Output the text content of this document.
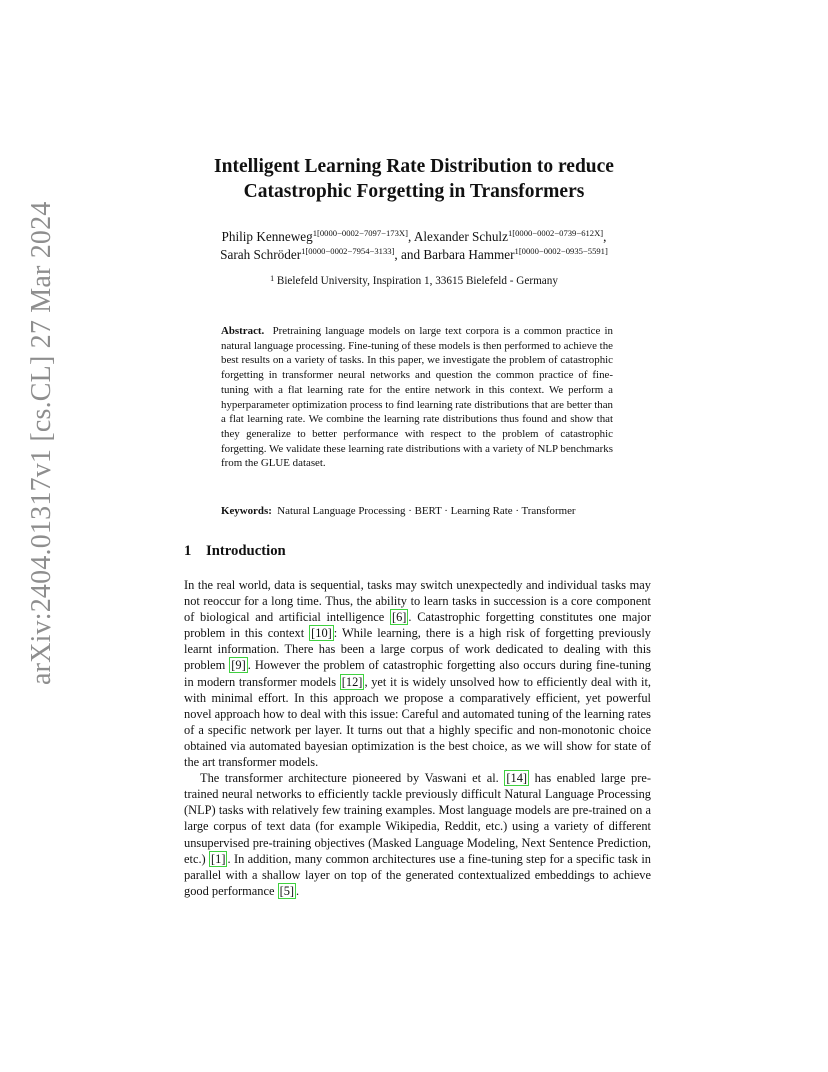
arXiv:2404.01317v1 [cs.CL] 27 Mar 2024
Intelligent Learning Rate Distribution to reduce
Catastrophic Forgetting in Transformers
Philip Kenneweg$^{1[0000-0002-7097-173X]}$, Alexander Schulz$^{1[0000-0002-0739-612X]}$,
Sarah Schröder$^{1[0000-0002-7954-3133]}$, and Barbara Hammer$^{1[0000-0002-0935-5591]}$
$^1$ Bielefeld University, Inspiration 1, 33615 Bielefeld - Germany

Abstract. Pretraining language models on large text corpora is a common practice in natural language processing. Fine-tuning of these models is then performed to achieve the best results on a variety of tasks. In this paper, we investigate the problem of catastrophic forgetting in transformer neural networks and question the common practice of fine-tuning with a flat learning rate for the entire network in this context. We perform a hyperparameter optimization process to find learning rate distributions that are better than a flat learning rate. We combine the learning rate distributions thus found and show that they generalize to better performance with respect to the problem of catastrophic forgetting. We validate these learning rate distributions with a variety of NLP benchmarks from the GLUE dataset.

Keywords: Natural Language Processing · BERT · Learning Rate · Transformer
1 Introduction

In the real world, data is sequential, tasks may switch unexpectedly and individual tasks may not reoccur for a long time. Thus, the ability to learn tasks in succession is a core component of biological and artificial intelligence [6] . Catastrophic forgetting constitutes one major problem in this context [10] : While learning, there is a high risk of forgetting previously learnt information. There has been a large corpus of work dedicated to dealing with this problem [9] . However the problem of catastrophic forgetting also occurs during fine-tuning in modern transformer models [12] , yet it is widely unsolved how to efficiently deal with it, with minimal effort. In this approach we propose a comparatively efficient, yet powerful novel approach how to deal with this issue: Careful and automated tuning of the learning rates of a specific network per layer. It turns out that a highly specific and non-monotonic choice obtained via automated bayesian optimization is the best choice, as we will show for state of the art transformer models.

The transformer architecture pioneered by Vaswani et al. [14] has enabled large pre-trained neural networks to efficiently tackle previously difficult Natural Language Processing (NLP) tasks with relatively few training examples. Most language models are pre-trained on a large corpus of text data (for example Wikipedia, Reddit, etc.) using a variety of different unsupervised pre-training objectives (Masked Language Modeling, Next Sentence Prediction, etc.) [1] . In addition, many common architectures use a fine-tuning step for a specific task in parallel with a shallow layer on top of the generated contextualized embeddings to achieve good performance [5] .
